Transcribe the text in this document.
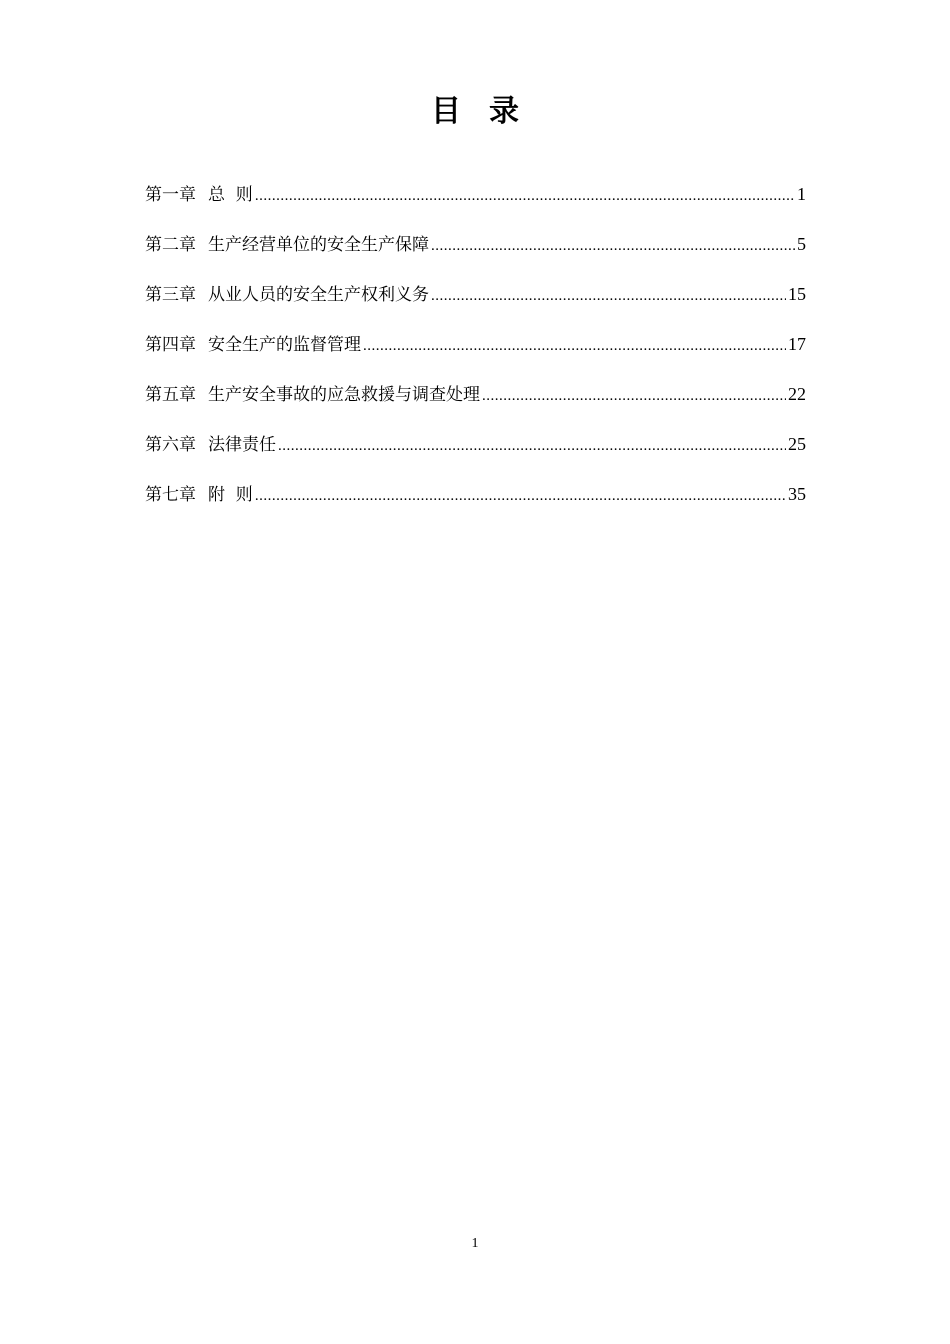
目录
第一章 总  则 .....	1
第二章 生产经营单位的安全生产保障 .....	5
第三章 从业人员的安全生产权利义务 .....	15
第四章 安全生产的监督管理 .....	17
第五章 生产安全事故的应急救援与调查处理 .....	22
第六章 法律责任 .....	25
第七章 附  则 .....	35
1
